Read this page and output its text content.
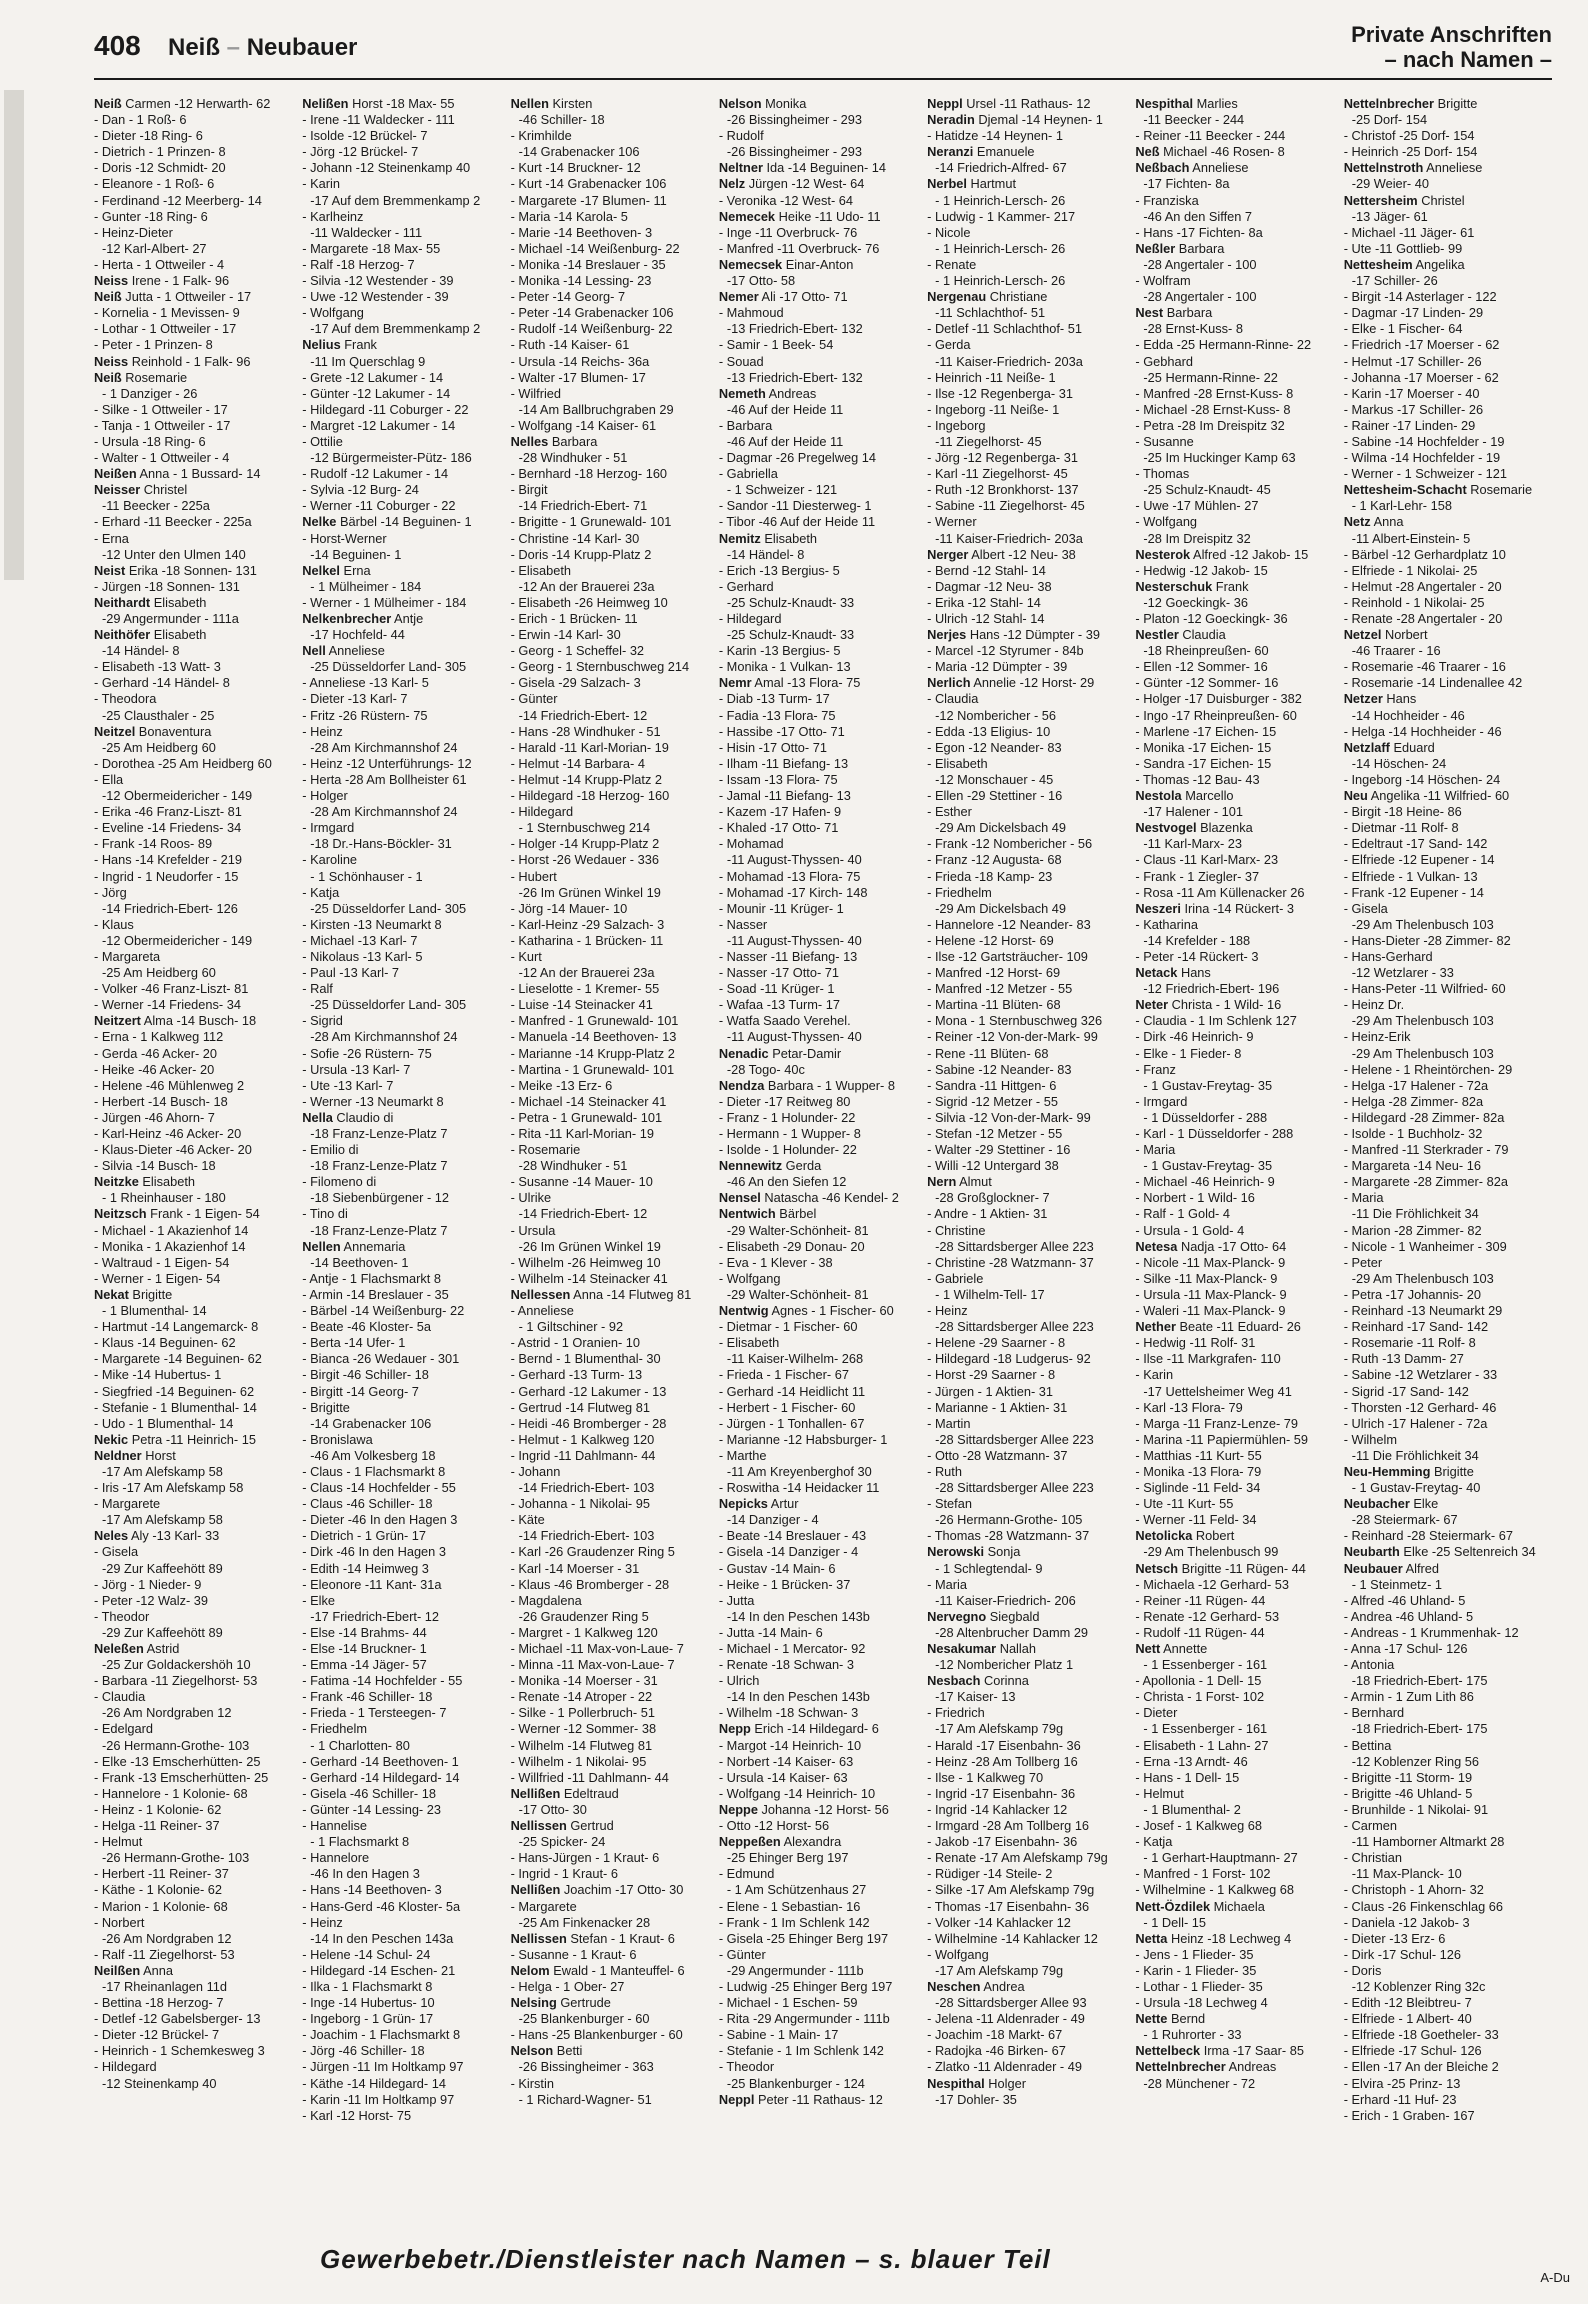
408 Neiß – Neubauer	Private Anschriften
– nach Namen –
Neiß Carmen -12 Herwarth- 62
- Dan - 1 Roß- 6
- Dieter -18 Ring- 6
- Dietrich - 1 Prinzen- 8
- Doris -12 Schmidt- 20
- Eleanore - 1 Roß- 6
- Ferdinand -12 Meerberg- 14
- Gunter -18 Ring- 6
- Heinz-Dieter
-12 Karl-Albert- 27
- Herta - 1 Ottweiler - 4
Neiss Irene - 1 Falk- 96
Neiß Jutta - 1 Ottweiler - 17
- Kornelia - 1 Mevissen- 9
- Lothar - 1 Ottweiler - 17
- Peter - 1 Prinzen- 8
Neiss Reinhold - 1 Falk- 96
Neiß Rosemarie
- 1 Danziger - 26
- Silke - 1 Ottweiler - 17
- Tanja - 1 Ottweiler - 17
- Ursula -18 Ring- 6
- Walter - 1 Ottweiler - 4
Neißen Anna - 1 Bussard- 14
Neisser Christel
-11 Beecker - 225a
- Erhard -11 Beecker - 225a
- Erna
-12 Unter den Ulmen 140
Neist Erika -18 Sonnen- 131
- Jürgen -18 Sonnen- 131
Neithardt Elisabeth
-29 Angermunder - 111a
Neithöfer Elisabeth
-14 Händel- 8
- Elisabeth -13 Watt- 3
- Gerhard -14 Händel- 8
- Theodora
-25 Clausthaler - 25
Neitzel Bonaventura
-25 Am Heidberg 60
- Dorothea -25 Am Heidberg 60
- Ella
-12 Obermeidericher - 149
- Erika -46 Franz-Liszt- 81
- Eveline -14 Friedens- 34
- Frank -14 Roos- 89
- Hans -14 Krefelder - 219
- Ingrid - 1 Neudorfer - 15
- Jörg
-14 Friedrich-Ebert- 126
- Klaus
-12 Obermeidericher - 149
- Margareta
-25 Am Heidberg 60
- Volker -46 Franz-Liszt- 81
- Werner -14 Friedens- 34
Neitzert Alma -14 Busch- 18
- Erna - 1 Kalkweg 112
- Gerda -46 Acker- 20
- Heike -46 Acker- 20
- Helene -46 Mühlenweg 2
- Herbert -14 Busch- 18
- Jürgen -46 Ahorn- 7
- Karl-Heinz -46 Acker- 20
- Klaus-Dieter -46 Acker- 20
- Silvia -14 Busch- 18
Neitzke Elisabeth
- 1 Rheinhauser - 180
Neitzsch Frank - 1 Eigen- 54
- Michael - 1 Akazienhof 14
- Monika - 1 Akazienhof 14
- Waltraud - 1 Eigen- 54
- Werner - 1 Eigen- 54
Nekat Brigitte
- 1 Blumenthal- 14
- Hartmut -14 Langemarck- 8
- Klaus -14 Beguinen- 62
- Margarete -14 Beguinen- 62
- Mike -14 Hubertus- 1
- Siegfried -14 Beguinen- 62
- Stefanie - 1 Blumenthal- 14
- Udo - 1 Blumenthal- 14
Nekic Petra -11 Heinrich- 15
Neldner Horst
-17 Am Alefskamp 58
- Iris -17 Am Alefskamp 58
- Margarete
-17 Am Alefskamp 58
Neles Aly -13 Karl- 33
- Gisela
-29 Zur Kaffeehött 89
- Jörg - 1 Nieder- 9
- Peter -12 Walz- 39
- Theodor
-29 Zur Kaffeehött 89
Neleßen Astrid
-25 Zur Goldackershöh 10
- Barbara -11 Ziegelhorst- 53
- Claudia
-26 Am Nordgraben 12
- Edelgard
-26 Hermann-Grothe- 103
- Elke -13 Emscherhütten- 25
- Frank -13 Emscherhütten- 25
- Hannelore - 1 Kolonie- 68
- Heinz - 1 Kolonie- 62
- Helga -11 Reiner- 37
- Helmut
-26 Hermann-Grothe- 103
- Herbert -11 Reiner- 37
- Käthe - 1 Kolonie- 62
- Marion - 1 Kolonie- 68
- Norbert
-26 Am Nordgraben 12
- Ralf -11 Ziegelhorst- 53
Neilßen Anna
-17 Rheinanlagen 11d
- Bettina -18 Herzog- 7
- Detlef -12 Gabelsberger- 13
- Dieter -12 Brückel- 7
- Heinrich - 1 Schemkesweg 3
- Hildegard
-12 Steinenkamp 40
Nelißen Horst -18 Max- 55
- Irene -11 Waldecker - 111
- Isolde -12 Brückel- 7
- Jörg -12 Brückel- 7
- Johann -12 Steinenkamp 40
- Karin
-17 Auf dem Bremmenkamp 2
- Karlheinz
-11 Waldecker - 111
- Margarete -18 Max- 55
- Ralf -18 Herzog- 7
- Silvia -12 Westender - 39
- Uwe -12 Westender - 39
- Wolfgang
-17 Auf dem Bremmenkamp 2
Nelius Frank
-11 Im Querschlag 9
- Grete -12 Lakumer - 14
- Günter -12 Lakumer - 14
- Hildegard -11 Coburger - 22
- Margret -12 Lakumer - 14
- Ottilie
-12 Bürgermeister-Pütz- 186
- Rudolf -12 Lakumer - 14
- Sylvia -12 Burg- 24
- Werner -11 Coburger - 22
Nelke Bärbel -14 Beguinen- 1
- Horst-Werner
-14 Beguinen- 1
Nelkel Erna
- 1 Mülheimer - 184
- Werner - 1 Mülheimer - 184
Nelkenbrecher Antje
-17 Hochfeld- 44
Nell Anneliese
-25 Düsseldorfer Land- 305
- Anneliese -13 Karl- 5
- Dieter -13 Karl- 7
- Fritz -26 Rüstern- 75
- Heinz
-28 Am Kirchmannshof 24
- Heinz -12 Unterführungs- 12
- Herta -28 Am Bollheister 61
- Holger
-28 Am Kirchmannshof 24
- Irmgard
-18 Dr.-Hans-Böckler- 31
- Karoline
- 1 Schönhauser - 1
- Katja
-25 Düsseldorfer Land- 305
- Kirsten -13 Neumarkt 8
- Michael -13 Karl- 7
- Nikolaus -13 Karl- 5
- Paul -13 Karl- 7
- Ralf
-25 Düsseldorfer Land- 305
- Sigrid
-28 Am Kirchmannshof 24
- Sofie -26 Rüstern- 75
- Ursula -13 Karl- 7
- Ute -13 Karl- 7
- Werner -13 Neumarkt 8
Nella Claudio di
-18 Franz-Lenze-Platz 7
- Emilio di
-18 Franz-Lenze-Platz 7
- Filomeno di
-18 Siebenbürgener - 12
- Tino di
-18 Franz-Lenze-Platz 7
Nellen Annemaria
-14 Beethoven- 1
- Antje - 1 Flachsmarkt 8
- Armin -14 Breslauer - 35
- Bärbel -14 Weißenburg- 22
- Beate -46 Kloster- 5a
- Berta -14 Ufer- 1
- Bianca -26 Wedauer - 301
- Birgit -46 Schiller- 18
- Birgitt -14 Georg- 7
- Brigitte
-14 Grabenacker 106
- Bronislawa
-46 Am Volkesberg 18
- Claus - 1 Flachsmarkt 8
- Claus -14 Hochfelder - 55
- Claus -46 Schiller- 18
- Dieter -46 In den Hagen 3
- Dietrich - 1 Grün- 17
- Dirk -46 In den Hagen 3
- Edith -14 Heimweg 3
- Eleonore -11 Kant- 31a
- Elke
-17 Friedrich-Ebert- 12
- Else -14 Brahms- 44
- Else -14 Bruckner- 1
- Emma -14 Jäger- 57
- Fatima -14 Hochfelder - 55
- Frank -46 Schiller- 18
- Frieda - 1 Tersteegen- 7
- Friedhelm
- 1 Charlotten- 80
- Gerhard -14 Beethoven- 1
- Gerhard -14 Hildegard- 14
- Gisela -46 Schiller- 18
- Günter -14 Lessing- 23
- Hannelise
- 1 Flachsmarkt 8
- Hannelore
-46 In den Hagen 3
- Hans -14 Beethoven- 3
- Hans-Gerd -46 Kloster- 5a
- Heinz
-14 In den Peschen 143a
- Helene -14 Schul- 24
- Hildegard -14 Eschen- 21
- Ilka - 1 Flachsmarkt 8
- Inge -14 Hubertus- 10
- Ingeborg - 1 Grün- 17
- Joachim - 1 Flachsmarkt 8
- Jörg -46 Schiller- 18
- Jürgen -11 Im Holtkamp 97
- Käthe -14 Hildegard- 14
- Karin -11 Im Holtkamp 97
- Karl -12 Horst- 75
Nellen Kirsten
-46 Schiller- 18
- Krimhilde
-14 Grabenacker 106
- Kurt -14 Bruckner- 12
- Kurt -14 Grabenacker 106
- Margarete -17 Blumen- 11
- Maria -14 Karola- 5
- Marie -14 Beethoven- 3
- Michael -14 Weißenburg- 22
- Monika -14 Breslauer - 35
- Monika -14 Lessing- 23
- Peter -14 Georg- 7
- Peter -14 Grabenacker 106
- Rudolf -14 Weißenburg- 22
- Ruth -14 Kaiser- 61
- Ursula -14 Reichs- 36a
- Walter -17 Blumen- 17
- Wilfried
-14 Am Ballbruchgraben 29
- Wolfgang -14 Kaiser- 61
Nelles Barbara
-28 Windhuker - 51
- Bernhard -18 Herzog- 160
- Birgit
-14 Friedrich-Ebert- 71
- Brigitte - 1 Grunewald- 101
- Christine -14 Karl- 30
- Doris -14 Krupp-Platz 2
- Elisabeth
-12 An der Brauerei 23a
- Elisabeth -26 Heimweg 10
- Erich - 1 Brücken- 11
- Erwin -14 Karl- 30
- Georg - 1 Scheffel- 32
- Georg - 1 Sternbuschweg 214
- Gisela -29 Salzach- 3
- Günter
-14 Friedrich-Ebert- 12
- Hans -28 Windhuker - 51
- Harald -11 Karl-Morian- 19
- Helmut -14 Barbara- 4
- Helmut -14 Krupp-Platz 2
- Hildegard -18 Herzog- 160
- Hildegard
- 1 Sternbuschweg 214
- Holger -14 Krupp-Platz 2
- Horst -26 Wedauer - 336
- Hubert
-26 Im Grünen Winkel 19
- Jörg -14 Mauer- 10
- Karl-Heinz -29 Salzach- 3
- Katharina - 1 Brücken- 11
- Kurt
-12 An der Brauerei 23a
- Lieselotte - 1 Kremer- 55
- Luise -14 Steinacker 41
- Manfred - 1 Grunewald- 101
- Manuela -14 Beethoven- 13
- Marianne -14 Krupp-Platz 2
- Martina - 1 Grunewald- 101
- Meike -13 Erz- 6
- Michael -14 Steinacker 41
- Petra - 1 Grunewald- 101
- Rita -11 Karl-Morian- 19
- Rosemarie
-28 Windhuker - 51
- Susanne -14 Mauer- 10
- Ulrike
-14 Friedrich-Ebert- 12
- Ursula
-26 Im Grünen Winkel 19
- Wilhelm -26 Heimweg 10
- Wilhelm -14 Steinacker 41
Nellessen Anna -14 Flutweg 81
- Anneliese
- 1 Giltschiner - 92
- Astrid - 1 Oranien- 10
- Bernd - 1 Blumenthal- 30
- Gerhard -13 Turm- 13
- Gerhard -12 Lakumer - 13
- Gertrud -14 Flutweg 81
- Heidi -46 Bromberger - 28
- Helmut - 1 Kalkweg 120
- Ingrid -11 Dahlmann- 44
- Johann
-14 Friedrich-Ebert- 103
- Johanna - 1 Nikolai- 95
- Käte
-14 Friedrich-Ebert- 103
- Karl -26 Graudenzer Ring 5
- Karl -14 Moerser - 31
- Klaus -46 Bromberger - 28
- Magdalena
-26 Graudenzer Ring 5
- Margret - 1 Kalkweg 120
- Michael -11 Max-von-Laue- 7
- Minna -11 Max-von-Laue- 7
- Monika -14 Moerser - 31
- Renate -14 Atroper - 22
- Silke - 1 Pollerbruch- 51
- Werner -12 Sommer- 38
- Wilhelm -14 Flutweg 81
- Wilhelm - 1 Nikolai- 95
- Willfried -11 Dahlmann- 44
Nellißen Edeltraud
-17 Otto- 30
Nellissen Gertrud
-25 Spicker- 24
- Hans-Jürgen - 1 Kraut- 6
- Ingrid - 1 Kraut- 6
Nellißen Joachim -17 Otto- 30
- Margarete
-25 Am Finkenacker 28
Nellissen Stefan - 1 Kraut- 6
- Susanne - 1 Kraut- 6
Nelom Ewald - 1 Manteuffel- 6
- Helga - 1 Ober- 27
Nelsing Gertrude
-25 Blankenburger - 60
- Hans -25 Blankenburger - 60
Nelson Betti
-26 Bissingheimer - 363
- Kirstin
- 1 Richard-Wagner- 51
Nelson Monika
-26 Bissingheimer - 293
- Rudolf
-26 Bissingheimer - 293
Neltner Ida -14 Beguinen- 14
Nelz Jürgen -12 West- 64
- Veronika -12 West- 64
Nemecek Heike -11 Udo- 11
- Inge -11 Overbruck- 76
- Manfred -11 Overbruck- 76
Nemecsek Einar-Anton
-17 Otto- 58
Nemer Ali -17 Otto- 71
- Mahmoud
-13 Friedrich-Ebert- 132
- Samir - 1 Beek- 54
- Souad
-13 Friedrich-Ebert- 132
Nemeth Andreas
-46 Auf der Heide 11
- Barbara
-46 Auf der Heide 11
- Dagmar -26 Pregelweg 14
- Gabriella
- 1 Schweizer - 121
- Sandor -11 Diesterweg- 1
- Tibor -46 Auf der Heide 11
Nemitz Elisabeth
-14 Händel- 8
- Erich -13 Bergius- 5
- Gerhard
-25 Schulz-Knaudt- 33
- Hildegard
-25 Schulz-Knaudt- 33
- Karin -13 Bergius- 5
- Monika - 1 Vulkan- 13
Nemr Amal -13 Flora- 75
- Diab -13 Turm- 17
- Fadia -13 Flora- 75
- Hassibe -17 Otto- 71
- Hisin -17 Otto- 71
- Ilham -11 Biefang- 13
- Issam -13 Flora- 75
- Jamal -11 Biefang- 13
- Kazem -17 Hafen- 9
- Khaled -17 Otto- 71
- Mohamad
-11 August-Thyssen- 40
- Mohamad -13 Flora- 75
- Mohamad -17 Kirch- 148
- Mounir -11 Krüger- 1
- Nasser
-11 August-Thyssen- 40
- Nasser -11 Biefang- 13
- Nasser -17 Otto- 71
- Soad -11 Krüger- 1
- Wafaa -13 Turm- 17
- Watfa Saado Verehel.
-11 August-Thyssen- 40
Nenadic Petar-Damir
-28 Togo- 40c
Nendza Barbara - 1 Wupper- 8
- Dieter -17 Reitweg 80
- Franz - 1 Holunder- 22
- Hermann - 1 Wupper- 8
- Isolde - 1 Holunder- 22
Nennewitz Gerda
-46 An den Siefen 12
Nensel Natascha -46 Kendel- 2
Nentwich Bärbel
-29 Walter-Schönheit- 81
- Elisabeth -29 Donau- 20
- Eva - 1 Klever - 38
- Wolfgang
-29 Walter-Schönheit- 81
Nentwig Agnes - 1 Fischer- 60
- Dietmar - 1 Fischer- 60
- Elisabeth
-11 Kaiser-Wilhelm- 268
- Frieda - 1 Fischer- 67
- Gerhard -14 Heidlicht 11
- Herbert - 1 Fischer- 60
- Jürgen - 1 Tonhallen- 67
- Marianne -12 Habsburger- 1
- Marthe
-11 Am Kreyenberghof 30
- Roswitha -14 Heidacker 11
Nepicks Artur
-14 Danziger - 4
- Beate -14 Breslauer - 43
- Gisela -14 Danziger - 4
- Gustav -14 Main- 6
- Heike - 1 Brücken- 37
- Jutta
-14 In den Peschen 143b
- Jutta -14 Main- 6
- Michael - 1 Mercator- 92
- Renate -18 Schwan- 3
- Ulrich
-14 In den Peschen 143b
- Wilhelm -18 Schwan- 3
Nepp Erich -14 Hildegard- 6
- Margot -14 Heinrich- 10
- Norbert -14 Kaiser- 63
- Ursula -14 Kaiser- 63
- Wolfgang -14 Heinrich- 10
Neppe Johanna -12 Horst- 56
- Otto -12 Horst- 56
Neppeßen Alexandra
-25 Ehinger Berg 197
- Edmund
- 1 Am Schützenhaus 27
- Elene - 1 Sebastian- 16
- Frank - 1 Im Schlenk 142
- Gisela -25 Ehinger Berg 197
- Günter
-29 Angermunder - 111b
- Ludwig -25 Ehinger Berg 197
- Michael - 1 Eschen- 59
- Rita -29 Angermunder - 111b
- Sabine - 1 Main- 17
- Stefanie - 1 Im Schlenk 142
- Theodor
-25 Blankenburger - 124
Neppl Peter -11 Rathaus- 12
Neppl Ursel -11 Rathaus- 12
Neradin Djemal -14 Heynen- 1
- Hatidze -14 Heynen- 1
Neranzi Emanuele
-14 Friedrich-Alfred- 67
Nerbel Hartmut
- 1 Heinrich-Lersch- 26
- Ludwig - 1 Kammer- 217
- Nicole
- 1 Heinrich-Lersch- 26
- Renate
- 1 Heinrich-Lersch- 26
Nergenau Christiane
-11 Schlachthof- 51
- Detlef -11 Schlachthof- 51
- Gerda
-11 Kaiser-Friedrich- 203a
- Heinrich -11 Neiße- 1
- Ilse -12 Regenberga- 31
- Ingeborg -11 Neiße- 1
- Ingeborg
-11 Ziegelhorst- 45
- Jörg -12 Regenberga- 31
- Karl -11 Ziegelhorst- 45
- Ruth -12 Bronkhorst- 137
- Sabine -11 Ziegelhorst- 45
- Werner
-11 Kaiser-Friedrich- 203a
Nerger Albert -12 Neu- 38
- Bernd -12 Stahl- 14
- Dagmar -12 Neu- 38
- Erika -12 Stahl- 14
- Ulrich -12 Stahl- 14
Nerjes Hans -12 Dümpter - 39
- Marcel -12 Styrumer - 84b
- Maria -12 Dümpter - 39
Nerlich Annelie -12 Horst- 29
- Claudia
-12 Nombericher - 56
- Edda -13 Eligius- 10
- Egon -12 Neander- 83
- Elisabeth
-12 Monschauer - 45
- Ellen -29 Stettiner - 16
- Esther
-29 Am Dickelsbach 49
- Frank -12 Nombericher - 56
- Franz -12 Augusta- 68
- Frieda -18 Kamp- 23
- Friedhelm
-29 Am Dickelsbach 49
- Hannelore -12 Neander- 83
- Helene -12 Horst- 69
- Ilse -12 Gartsträucher- 109
- Manfred -12 Horst- 69
- Manfred -12 Metzer - 55
- Martina -11 Blüten- 68
- Mona - 1 Sternbuschweg 326
- Reiner -12 Von-der-Mark- 99
- Rene -11 Blüten- 68
- Sabine -12 Neander- 83
- Sandra -11 Hittgen- 6
- Sigrid -12 Metzer - 55
- Silvia -12 Von-der-Mark- 99
- Stefan -12 Metzer - 55
- Walter -29 Stettiner - 16
- Willi -12 Untergard 38
Nern Almut
-28 Großglockner- 7
- Andre - 1 Aktien- 31
- Christine
-28 Sittardsberger Allee 223
- Christine -28 Watzmann- 37
- Gabriele
- 1 Wilhelm-Tell- 17
- Heinz
-28 Sittardsberger Allee 223
- Helene -29 Saarner - 8
- Hildegard -18 Ludgerus- 92
- Horst -29 Saarner - 8
- Jürgen - 1 Aktien- 31
- Marianne - 1 Aktien- 31
- Martin
-28 Sittardsberger Allee 223
- Otto -28 Watzmann- 37
- Ruth
-28 Sittardsberger Allee 223
- Stefan
-26 Hermann-Grothe- 105
- Thomas -28 Watzmann- 37
Nerowski Sonja
- 1 Schlegtendal- 9
- Maria
-11 Kaiser-Friedrich- 206
Nervegno Siegbald
-28 Altenbrucher Damm 29
Nesakumar Nallah
-12 Nombericher Platz 1
Nesbach Corinna
-17 Kaiser- 13
- Friedrich
-17 Am Alefskamp 79g
- Harald -17 Eisenbahn- 36
- Heinz -28 Am Tollberg 16
- Ilse - 1 Kalkweg 70
- Ingrid -17 Eisenbahn- 36
- Ingrid -14 Kahlacker 12
- Irmgard -28 Am Tollberg 16
- Jakob -17 Eisenbahn- 36
- Renate -17 Am Alefskamp 79g
- Rüdiger -14 Steile- 2
- Silke -17 Am Alefskamp 79g
- Thomas -17 Eisenbahn- 36
- Volker -14 Kahlacker 12
- Wilhelmine -14 Kahlacker 12
- Wolfgang
-17 Am Alefskamp 79g
Neschen Andrea
-28 Sittardsberger Allee 93
- Jelena -11 Aldenrader - 49
- Joachim -18 Markt- 67
- Radojka -46 Birken- 67
- Zlatko -11 Aldenrader - 49
Nespithal Holger
-17 Dohler- 35
Nespithal Marlies
-11 Beecker - 244
- Reiner -11 Beecker - 244
Neß Michael -46 Rosen- 8
Neßbach Anneliese
-17 Fichten- 8a
- Franziska
-46 An den Siffen 7
- Hans -17 Fichten- 8a
Neßler Barbara
-28 Angertaler - 100
- Wolfram
-28 Angertaler - 100
Nest Barbara
-28 Ernst-Kuss- 8
- Edda -25 Hermann-Rinne- 22
- Gebhard
-25 Hermann-Rinne- 22
- Manfred -28 Ernst-Kuss- 8
- Michael -28 Ernst-Kuss- 8
- Petra -28 Im Dreispitz 32
- Susanne
-25 Im Huckinger Kamp 63
- Thomas
-25 Schulz-Knaudt- 45
- Uwe -17 Mühlen- 27
- Wolfgang
-28 Im Dreispitz 32
Nesterok Alfred -12 Jakob- 15
- Hedwig -12 Jakob- 15
Nesterschuk Frank
-12 Goeckingk- 36
- Platon -12 Goeckingk- 36
Nestler Claudia
-18 Rheinpreußen- 60
- Ellen -12 Sommer- 16
- Günter -12 Sommer- 16
- Holger -17 Duisburger - 382
- Ingo -17 Rheinpreußen- 60
- Marlene -17 Eichen- 15
- Monika -17 Eichen- 15
- Sandra -17 Eichen- 15
- Thomas -12 Bau- 43
Nestola Marcello
-17 Halener - 101
Nestvogel Blazenka
-11 Karl-Marx- 23
- Claus -11 Karl-Marx- 23
- Frank - 1 Ziegler- 37
- Rosa -11 Am Küllenacker 26
Neszeri Irina -14 Rückert- 3
- Katharina
-14 Krefelder - 188
- Peter -14 Rückert- 3
Netack Hans
-12 Friedrich-Ebert- 196
Neter Christa - 1 Wild- 16
- Claudia - 1 Im Schlenk 127
- Dirk -46 Heinrich- 9
- Elke - 1 Fieder- 8
- Franz
- 1 Gustav-Freytag- 35
- Irmgard
- 1 Düsseldorfer - 288
- Karl - 1 Düsseldorfer - 288
- Maria
- 1 Gustav-Freytag- 35
- Michael -46 Heinrich- 9
- Norbert - 1 Wild- 16
- Ralf - 1 Gold- 4
- Ursula - 1 Gold- 4
Netesa Nadja -17 Otto- 64
- Nicole -11 Max-Planck- 9
- Silke -11 Max-Planck- 9
- Ursula -11 Max-Planck- 9
- Waleri -11 Max-Planck- 9
Nether Beate -11 Eduard- 26
- Hedwig -11 Rolf- 31
- Ilse -11 Markgrafen- 110
- Karin
-17 Uettelsheimer Weg 41
- Karl -13 Flora- 79
- Marga -11 Franz-Lenze- 79
- Marina -11 Papiermühlen- 59
- Matthias -11 Kurt- 55
- Monika -13 Flora- 79
- Siglinde -11 Feld- 34
- Ute -11 Kurt- 55
- Werner -11 Feld- 34
Netolicka Robert
-29 Am Thelenbusch 99
Netsch Brigitte -11 Rügen- 44
- Michaela -12 Gerhard- 53
- Reiner -11 Rügen- 44
- Renate -12 Gerhard- 53
- Rudolf -11 Rügen- 44
Nett Annette
- 1 Essenberger - 161
- Apollonia - 1 Dell- 15
- Christa - 1 Forst- 102
- Dieter
- 1 Essenberger - 161
- Elisabeth - 1 Lahn- 27
- Erna -13 Arndt- 46
- Hans - 1 Dell- 15
- Helmut
- 1 Blumenthal- 2
- Josef - 1 Kalkweg 68
- Katja
- 1 Gerhart-Hauptmann- 27
- Manfred - 1 Forst- 102
- Wilhelmine - 1 Kalkweg 68
Nett-Özdilek Michaela
- 1 Dell- 15
Netta Heinz -18 Lechweg 4
- Jens - 1 Flieder- 35
- Karin - 1 Flieder- 35
- Lothar - 1 Flieder- 35
- Ursula -18 Lechweg 4
Nette Bernd
- 1 Ruhrorter - 33
Nettelbeck Irma -17 Saar- 85
Nettelnbrecher Andreas
-28 Münchener - 72
Nettelnbrecher Brigitte
-25 Dorf- 154
- Christof -25 Dorf- 154
- Heinrich -25 Dorf- 154
Nettelnstroth Anneliese
-29 Weier- 40
Nettersheim Christel
-13 Jäger- 61
- Michael -11 Jäger- 61
- Ute -11 Gottlieb- 99
Nettesheim Angelika
-17 Schiller- 26
- Birgit -14 Asterlager - 122
- Dagmar -17 Linden- 29
- Elke - 1 Fischer- 64
- Friedrich -17 Moerser - 62
- Helmut -17 Schiller- 26
- Johanna -17 Moerser - 62
- Karin -17 Moerser - 40
- Markus -17 Schiller- 26
- Rainer -17 Linden- 29
- Sabine -14 Hochfelder - 19
- Wilma -14 Hochfelder - 19
- Werner - 1 Schweizer - 121
Nettesheim-Schacht Rosemarie
- 1 Karl-Lehr- 158
Netz Anna
-11 Albert-Einstein- 5
- Bärbel -12 Gerhardplatz 10
- Elfriede - 1 Nikolai- 25
- Helmut -28 Angertaler - 20
- Reinhold - 1 Nikolai- 25
- Renate -28 Angertaler - 20
Netzel Norbert
-46 Traarer - 16
- Rosemarie -46 Traarer - 16
- Rosemarie -14 Lindenallee 42
Netzer Hans
-14 Hochheider - 46
- Helga -14 Hochheider - 46
Netzlaff Eduard
-14 Höschen- 24
- Ingeborg -14 Höschen- 24
Neu Angelika -11 Wilfried- 60
- Birgit -18 Heine- 86
- Dietmar -11 Rolf- 8
- Edeltraut -17 Sand- 142
- Elfriede -12 Eupener - 14
- Elfriede - 1 Vulkan- 13
- Frank -12 Eupener - 14
- Gisela
-29 Am Thelenbusch 103
- Hans-Dieter -28 Zimmer- 82
- Hans-Gerhard
-12 Wetzlarer - 33
- Hans-Peter -11 Wilfried- 60
- Heinz Dr.
-29 Am Thelenbusch 103
- Heinz-Erik
-29 Am Thelenbusch 103
- Helene - 1 Rheintörchen- 29
- Helga -17 Halener - 72a
- Helga -28 Zimmer- 82a
- Hildegard -28 Zimmer- 82a
- Isolde - 1 Buchholz- 32
- Manfred -11 Sterkrader - 79
- Margareta -14 Neu- 16
- Margarete -28 Zimmer- 82a
- Maria
-11 Die Fröhlichkeit 34
- Marion -28 Zimmer- 82
- Nicole - 1 Wanheimer - 309
- Peter
-29 Am Thelenbusch 103
- Petra -17 Johannis- 20
- Reinhard -13 Neumarkt 29
- Reinhard -17 Sand- 142
- Rosemarie -11 Rolf- 8
- Ruth -13 Damm- 27
- Sabine -12 Wetzlarer - 33
- Sigrid -17 Sand- 142
- Thorsten -12 Gerhard- 46
- Ulrich -17 Halener - 72a
- Wilhelm
-11 Die Fröhlichkeit 34
Neu-Hemming Brigitte
- 1 Gustav-Freytag- 40
Neubacher Elke
-28 Steiermark- 67
- Reinhard -28 Steiermark- 67
Neubarth Elke -25 Seltenreich 34
Neubauer Alfred
- 1 Steinmetz- 1
- Alfred -46 Uhland- 5
- Andrea -46 Uhland- 5
- Andreas - 1 Krummenhak- 12
- Anna -17 Schul- 126
- Antonia
-18 Friedrich-Ebert- 175
- Armin - 1 Zum Lith 86
- Bernhard
-18 Friedrich-Ebert- 175
- Bettina
-12 Koblenzer Ring 56
- Brigitte -11 Storm- 19
- Brigitte -46 Uhland- 5
- Brunhilde - 1 Nikolai- 91
- Carmen
-11 Hamborner Altmarkt 28
- Christian
-11 Max-Planck- 10
- Christoph - 1 Ahorn- 32
- Claus -26 Finkenschlag 66
- Daniela -12 Jakob- 3
- Dieter -13 Erz- 6
- Dirk -17 Schul- 126
- Doris
-12 Koblenzer Ring 32c
- Edith -12 Bleibtreu- 7
- Elfriede - 1 Albert- 40
- Elfriede -18 Goetheler- 33
- Elfriede -17 Schul- 126
- Ellen -17 An der Bleiche 2
- Elvira -25 Prinz- 13
- Erhard -11 Huf- 23
- Erich - 1 Graben- 167
Gewerbebetr./Dienstleister nach Namen – s. blauer Teil
A-Du
